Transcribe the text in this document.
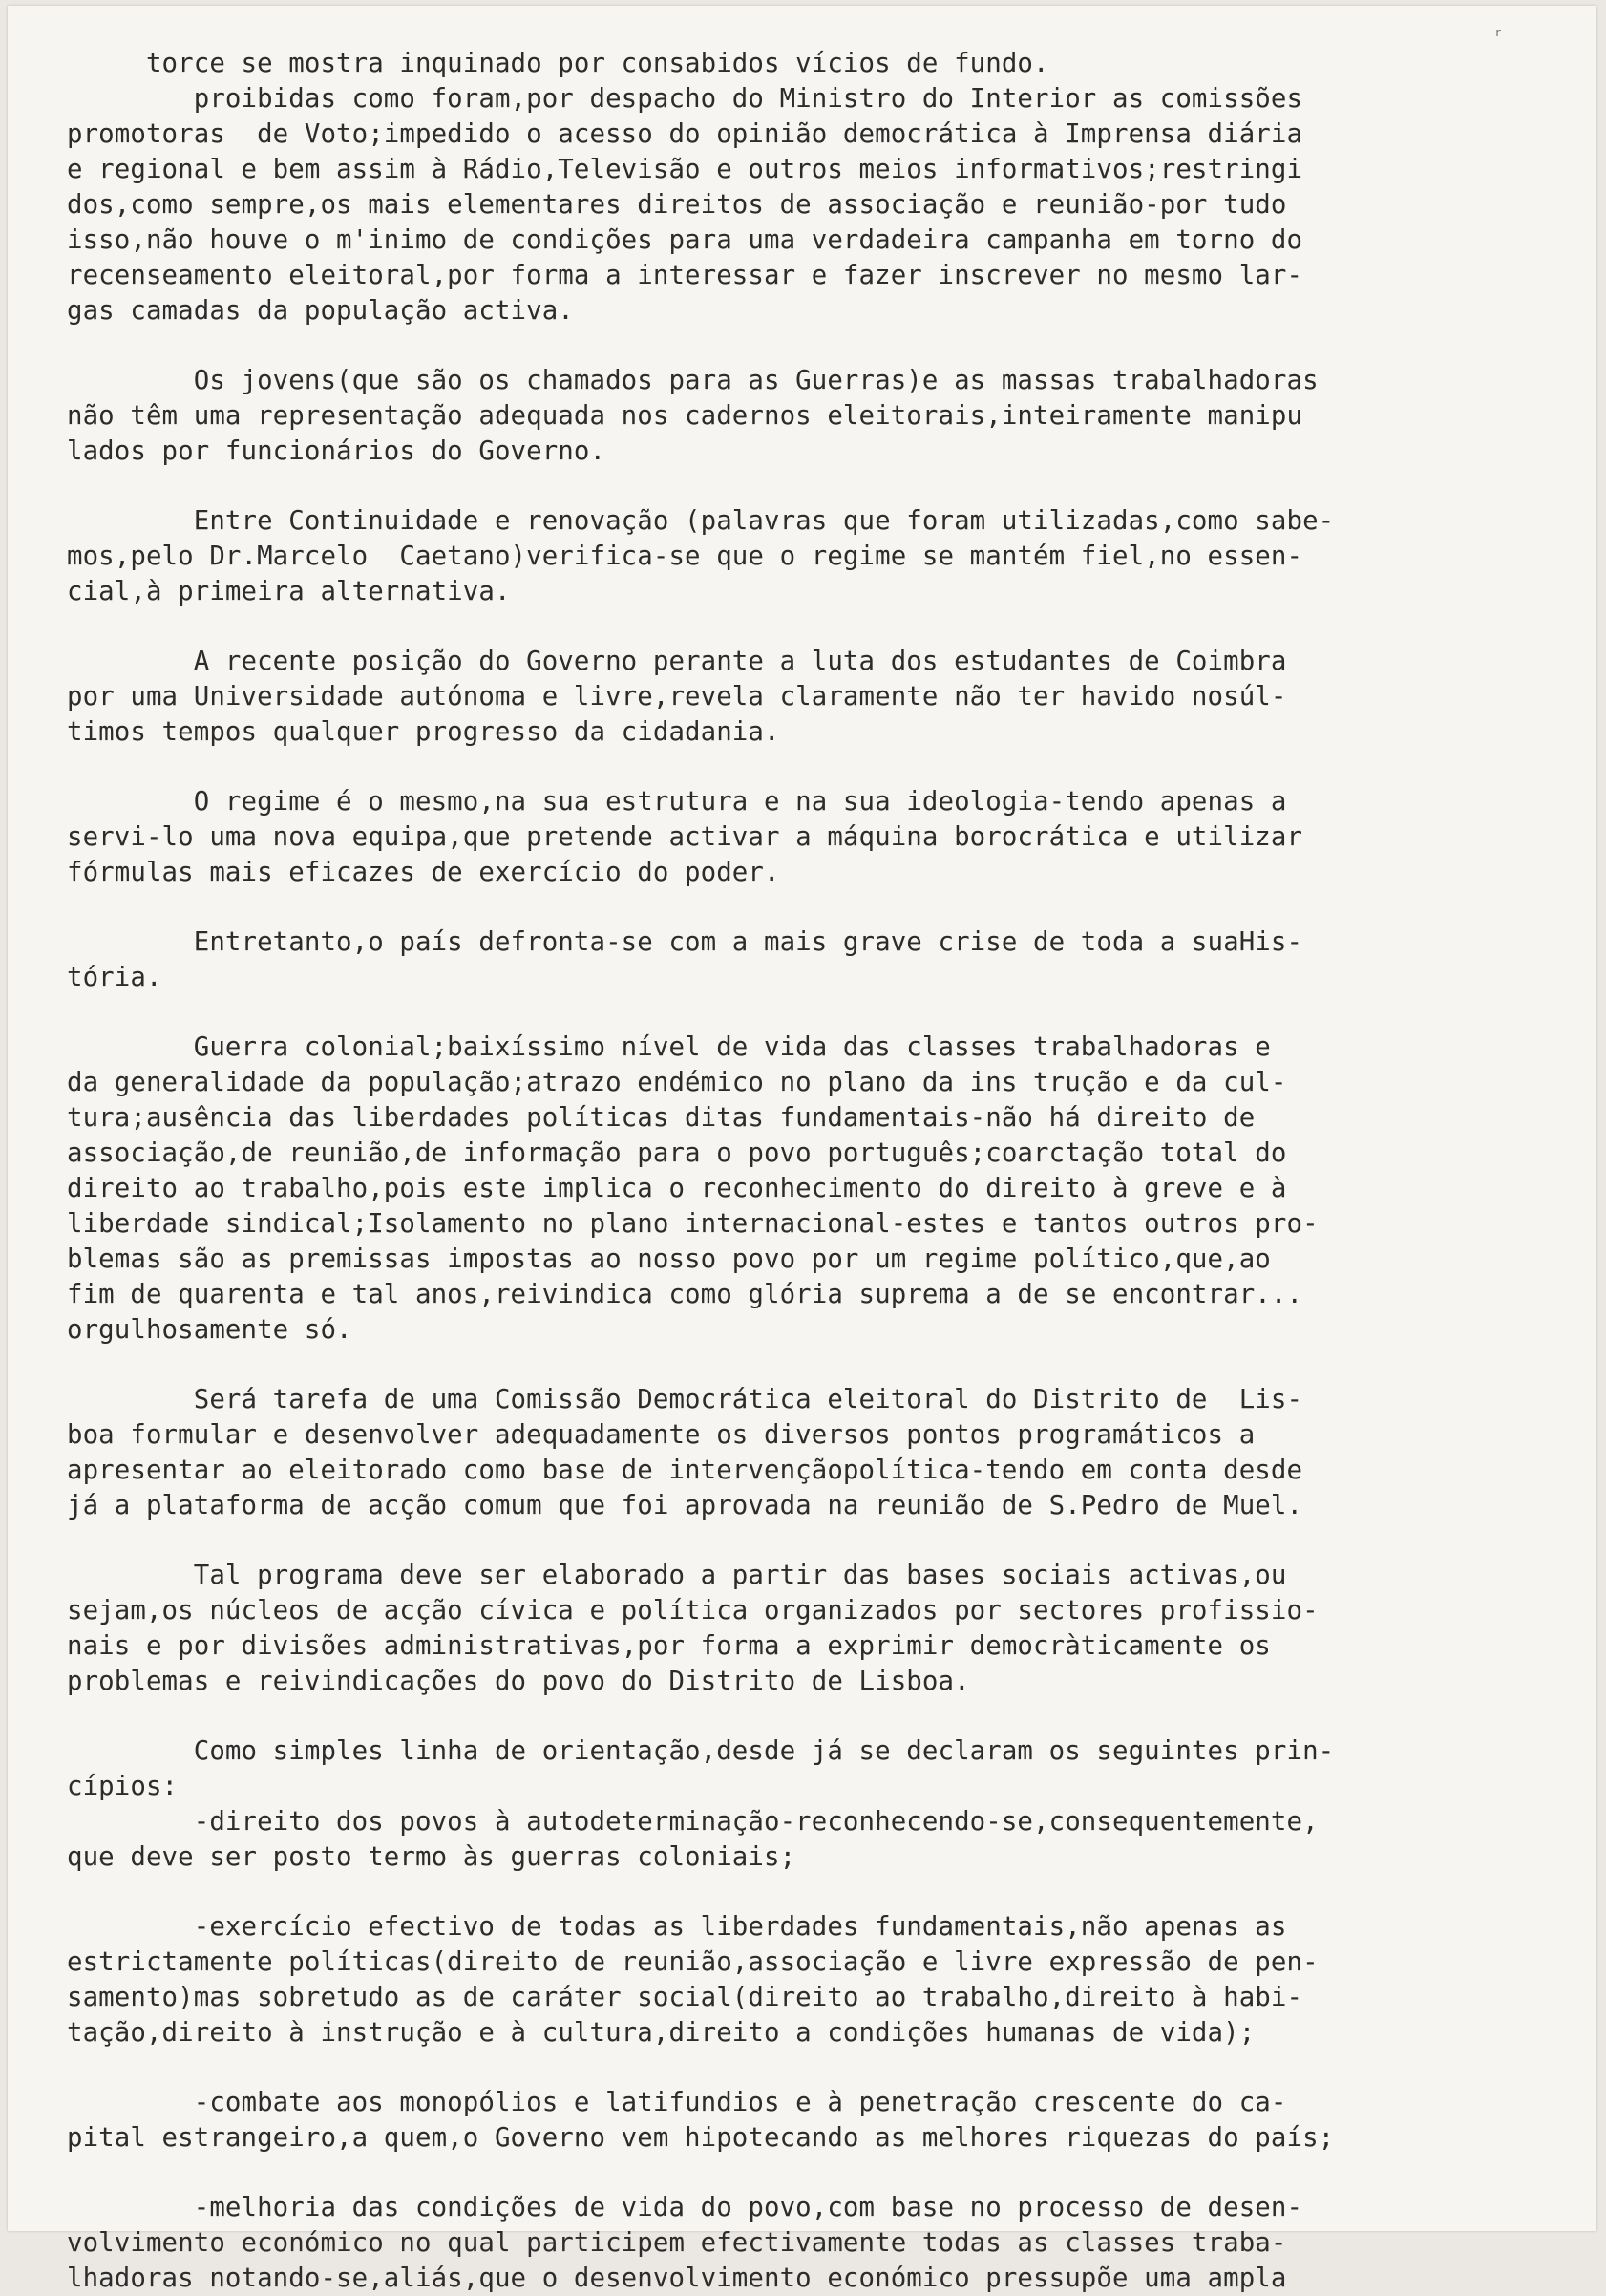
ʳ
torce se mostra inquinado por consabidos vícios de fundo.
proibidas como foram,por despacho do Ministro do Interior as comissões
promotoras  de Voto;impedido o acesso do opinião democrática à Imprensa diária
e regional e bem assim à Rádio,Televisão e outros meios informativos;restringi
dos,como sempre,os mais elementares direitos de associação e reunião-por tudo
isso,não houve o m'inimo de condições para uma verdadeira campanha em torno do
recenseamento eleitoral,por forma a interessar e fazer inscrever no mesmo lar-
gas camadas da população activa.
Os jovens(que são os chamados para as Guerras)e as massas trabalhadoras
não têm uma representação adequada nos cadernos eleitorais,inteiramente manipu
lados por funcionários do Governo.
Entre Continuidade e renovação (palavras que foram utilizadas,como sabe-
mos,pelo Dr.Marcelo  Caetano)verifica-se que o regime se mantém fiel,no essen-
cial,à primeira alternativa.
A recente posição do Governo perante a luta dos estudantes de Coimbra
por uma Universidade autónoma e livre,revela claramente não ter havido nosúl-
timos tempos qualquer progresso da cidadania.
O regime é o mesmo,na sua estrutura e na sua ideologia-tendo apenas a
servi-lo uma nova equipa,que pretende activar a máquina borocrática e utilizar
fórmulas mais eficazes de exercício do poder.
Entretanto,o país defronta-se com a mais grave crise de toda a suaHis-
tória.
Guerra colonial;baixíssimo nível de vida das classes trabalhadoras e
da generalidade da população;atrazo endémico no plano da ins trução e da cul-
tura;ausência das liberdades políticas ditas fundamentais-não há direito de
associação,de reunião,de informação para o povo português;coarctação total do
direito ao trabalho,pois este implica o reconhecimento do direito à greve e à
liberdade sindical;Isolamento no plano internacional-estes e tantos outros pro-
blemas são as premissas impostas ao nosso povo por um regime político,que,ao
fim de quarenta e tal anos,reivindica como glória suprema a de se encontrar...
orgulhosamente só.
Será tarefa de uma Comissão Democrática eleitoral do Distrito de  Lis-
boa formular e desenvolver adequadamente os diversos pontos programáticos a
apresentar ao eleitorado como base de intervençãopolítica-tendo em conta desde
já a plataforma de acção comum que foi aprovada na reunião de S.Pedro de Muel.
Tal programa deve ser elaborado a partir das bases sociais activas,ou
sejam,os núcleos de acção cívica e política organizados por sectores profissio-
nais e por divisões administrativas,por forma a exprimir democràticamente os
problemas e reivindicações do povo do Distrito de Lisboa.
Como simples linha de orientação,desde já se declaram os seguintes prin-
cípios:
-direito dos povos à autodeterminação-reconhecendo-se,consequentemente,
que deve ser posto termo às guerras coloniais;
-exercício efectivo de todas as liberdades fundamentais,não apenas as
estrictamente políticas(direito de reunião,associação e livre expressão de pen-
samento)mas sobretudo as de caráter social(direito ao trabalho,direito à habi-
tação,direito à instrução e à cultura,direito a condições humanas de vida);
-combate aos monopólios e latifundios e à penetração crescente do ca-
pital estrangeiro,a quem,o Governo vem hipotecando as melhores riquezas do país;
-melhoria das condições de vida do povo,com base no processo de desen-
volvimento económico no qual participem efectivamente todas as classes traba-
lhadoras notando-se,aliás,que o desenvolvimento económico pressupõe uma ampla
